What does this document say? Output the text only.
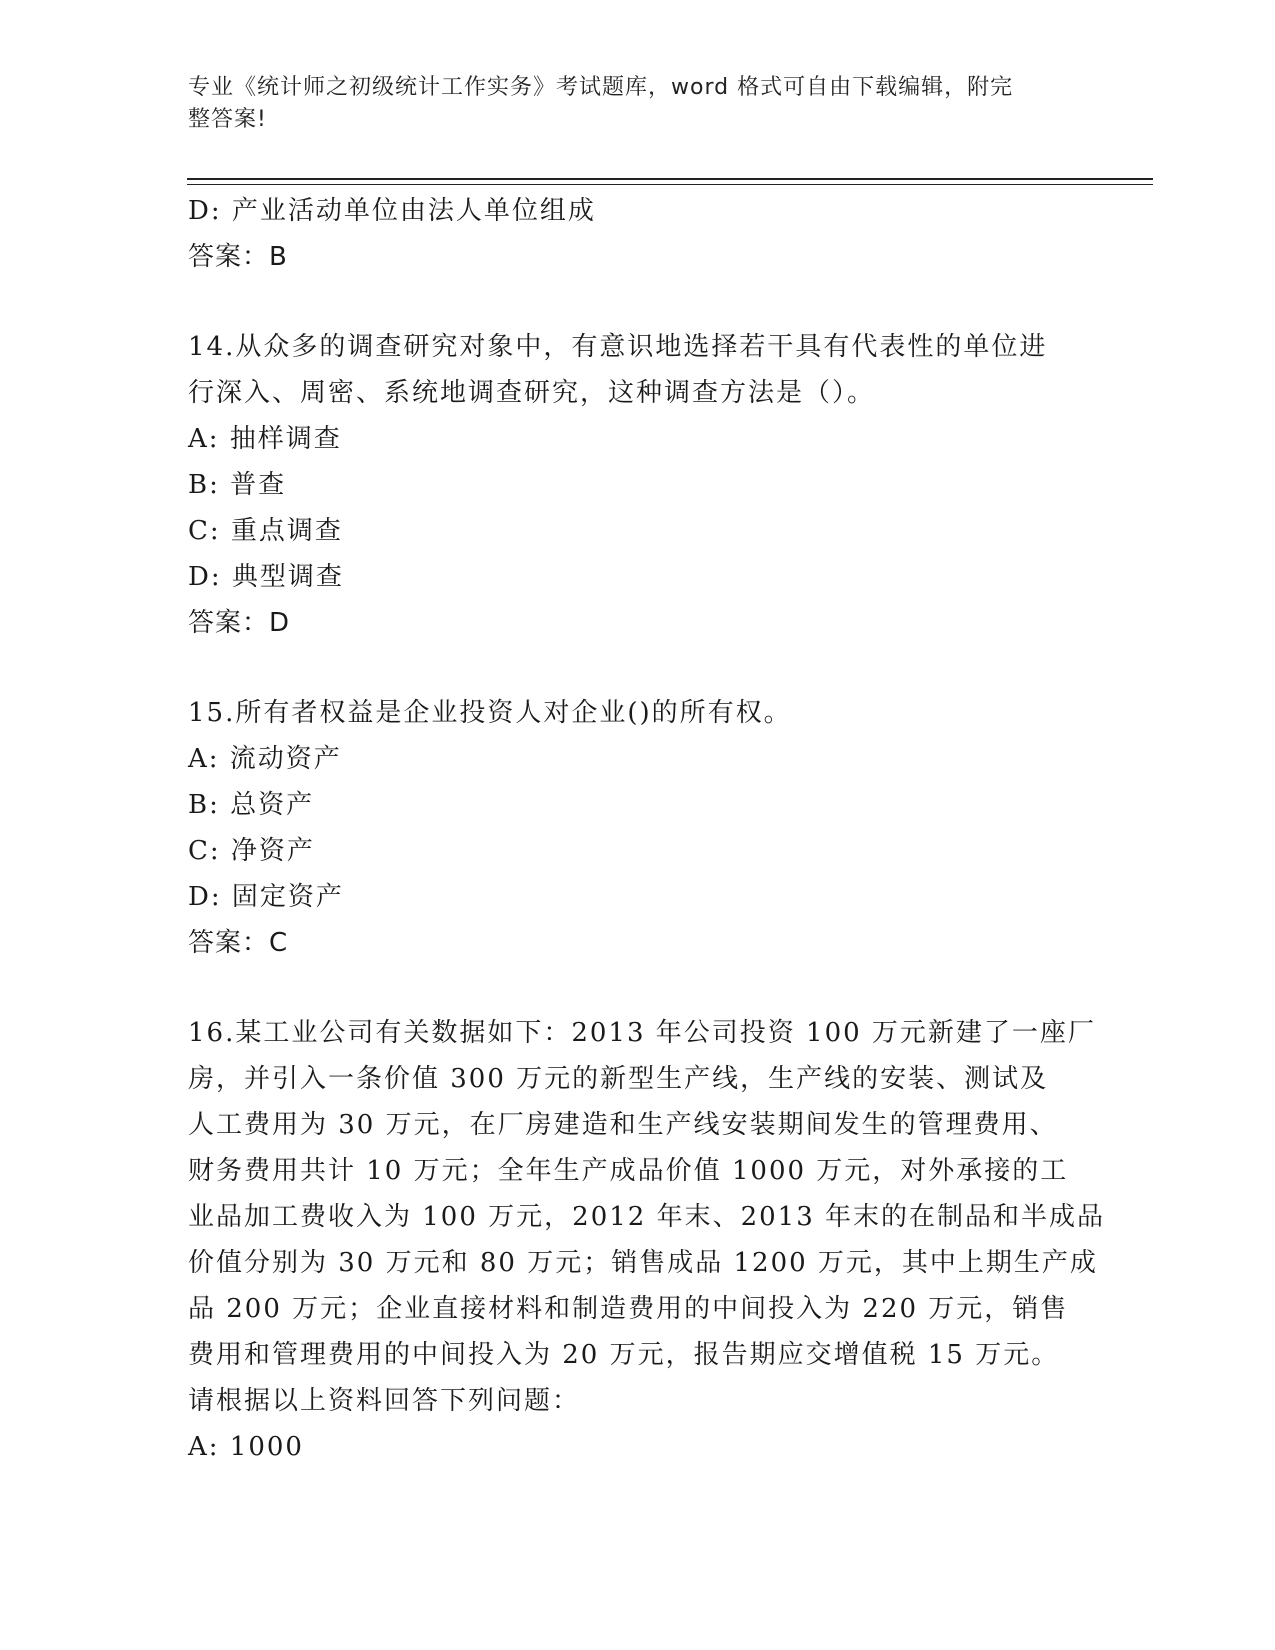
专业《统计师之初级统计工作实务》考试题库，word 格式可自由下载编辑，附完
整答案!
D: 产业活动单位由法人单位组成
答案：B
14.从众多的调查研究对象中，有意识地选择若干具有代表性的单位进
行深入、周密、系统地调查研究，这种调查方法是（）。
A: 抽样调查
B: 普查
C: 重点调查
D: 典型调查
答案：D
15.所有者权益是企业投资人对企业()的所有权。
A: 流动资产
B: 总资产
C: 净资产
D: 固定资产
答案：C
16.某工业公司有关数据如下：2013 年公司投资 100 万元新建了一座厂
房，并引入一条价值 300 万元的新型生产线，生产线的安装、测试及
人工费用为 30 万元，在厂房建造和生产线安装期间发生的管理费用、
财务费用共计 10 万元；全年生产成品价值 1000 万元，对外承接的工
业品加工费收入为 100 万元，2012 年末、2013 年末的在制品和半成品
价值分别为 30 万元和 80 万元；销售成品 1200 万元，其中上期生产成
品 200 万元；企业直接材料和制造费用的中间投入为 220 万元，销售
费用和管理费用的中间投入为 20 万元，报告期应交增值税 15 万元。
请根据以上资料回答下列问题：
A: 1000
